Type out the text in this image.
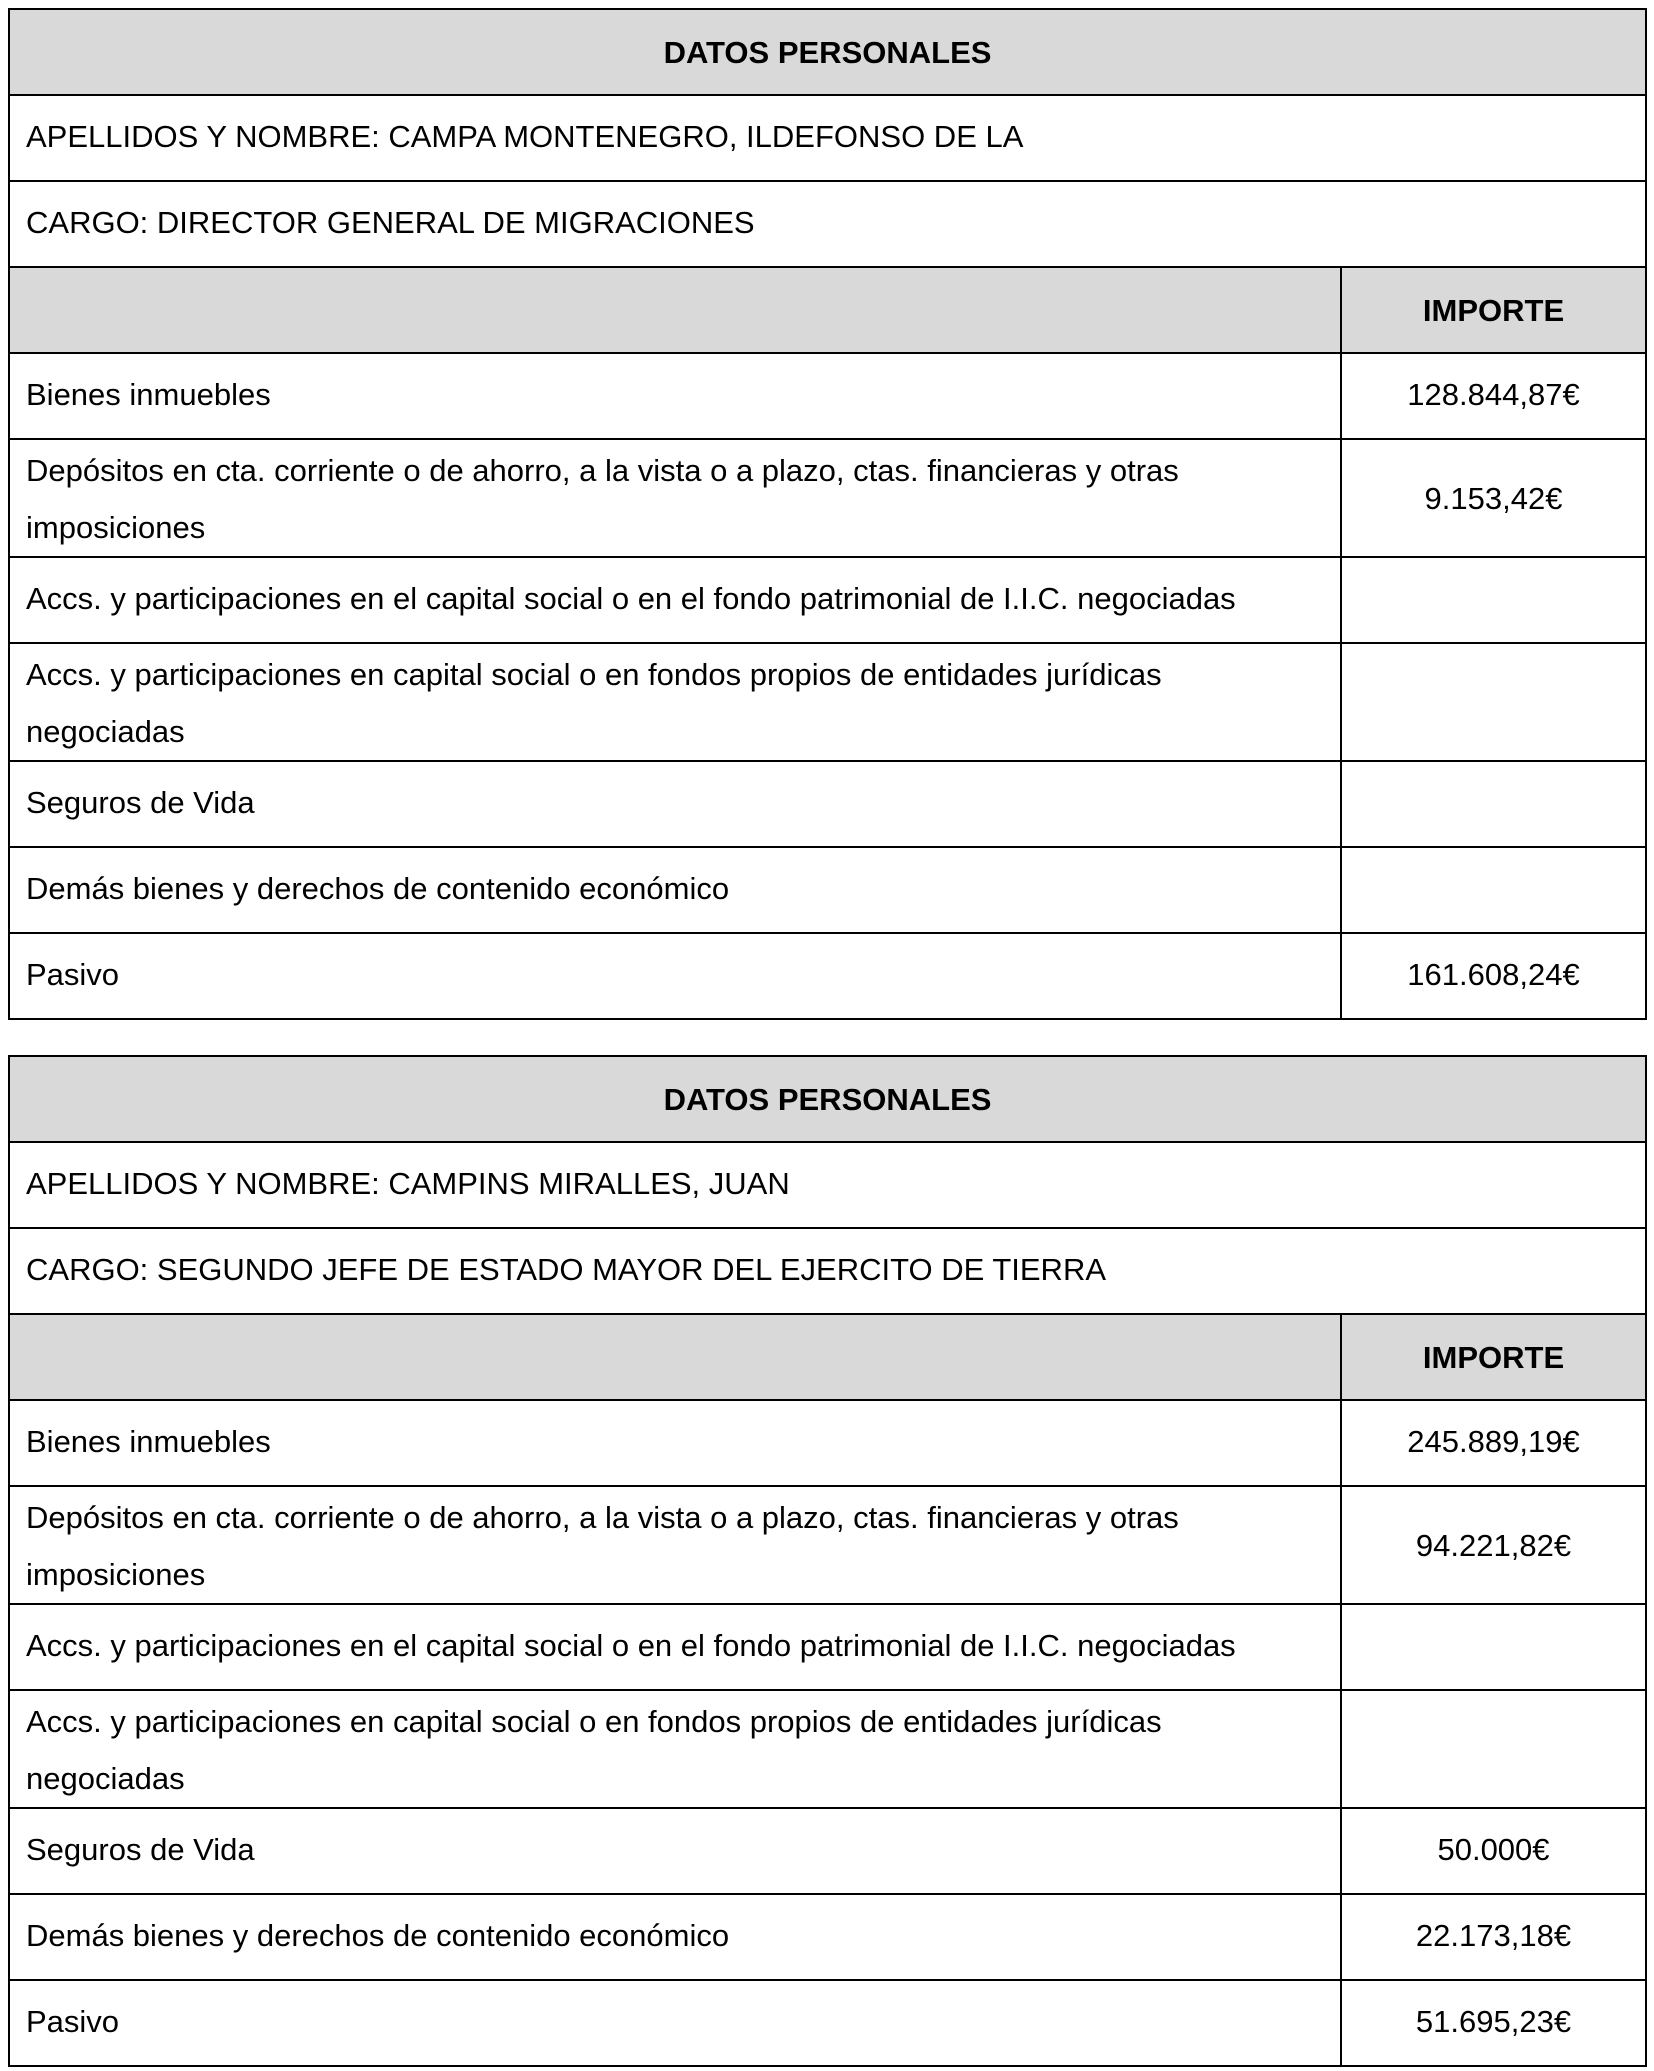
DATOS PERSONALES	
APELLIDOS Y NOMBRE: CAMPA MONTENEGRO, ILDEFONSO DE LA	
CARGO: DIRECTOR GENERAL DE MIGRACIONES	
	IMPORTE
Bienes inmuebles	128.844,87€
Depósitos en cta. corriente o de ahorro, a la vista o a plazo, ctas. financieras y otras imposiciones	9.153,42€
Accs. y participaciones en el capital social o en el fondo patrimonial de I.I.C. negociadas	
Accs. y participaciones en capital social o en fondos propios de entidades jurídicas negociadas	
Seguros de Vida	
Demás bienes y derechos de contenido económico	
Pasivo	161.608,24€
DATOS PERSONALES	
APELLIDOS Y NOMBRE: CAMPINS MIRALLES, JUAN	
CARGO: SEGUNDO JEFE DE ESTADO MAYOR DEL EJERCITO DE TIERRA	
	IMPORTE
Bienes inmuebles	245.889,19€
Depósitos en cta. corriente o de ahorro, a la vista o a plazo, ctas. financieras y otras imposiciones	94.221,82€
Accs. y participaciones en el capital social o en el fondo patrimonial de I.I.C. negociadas	
Accs. y participaciones en capital social o en fondos propios de entidades jurídicas negociadas	
Seguros de Vida	50.000€
Demás bienes y derechos de contenido económico	22.173,18€
Pasivo	51.695,23€
